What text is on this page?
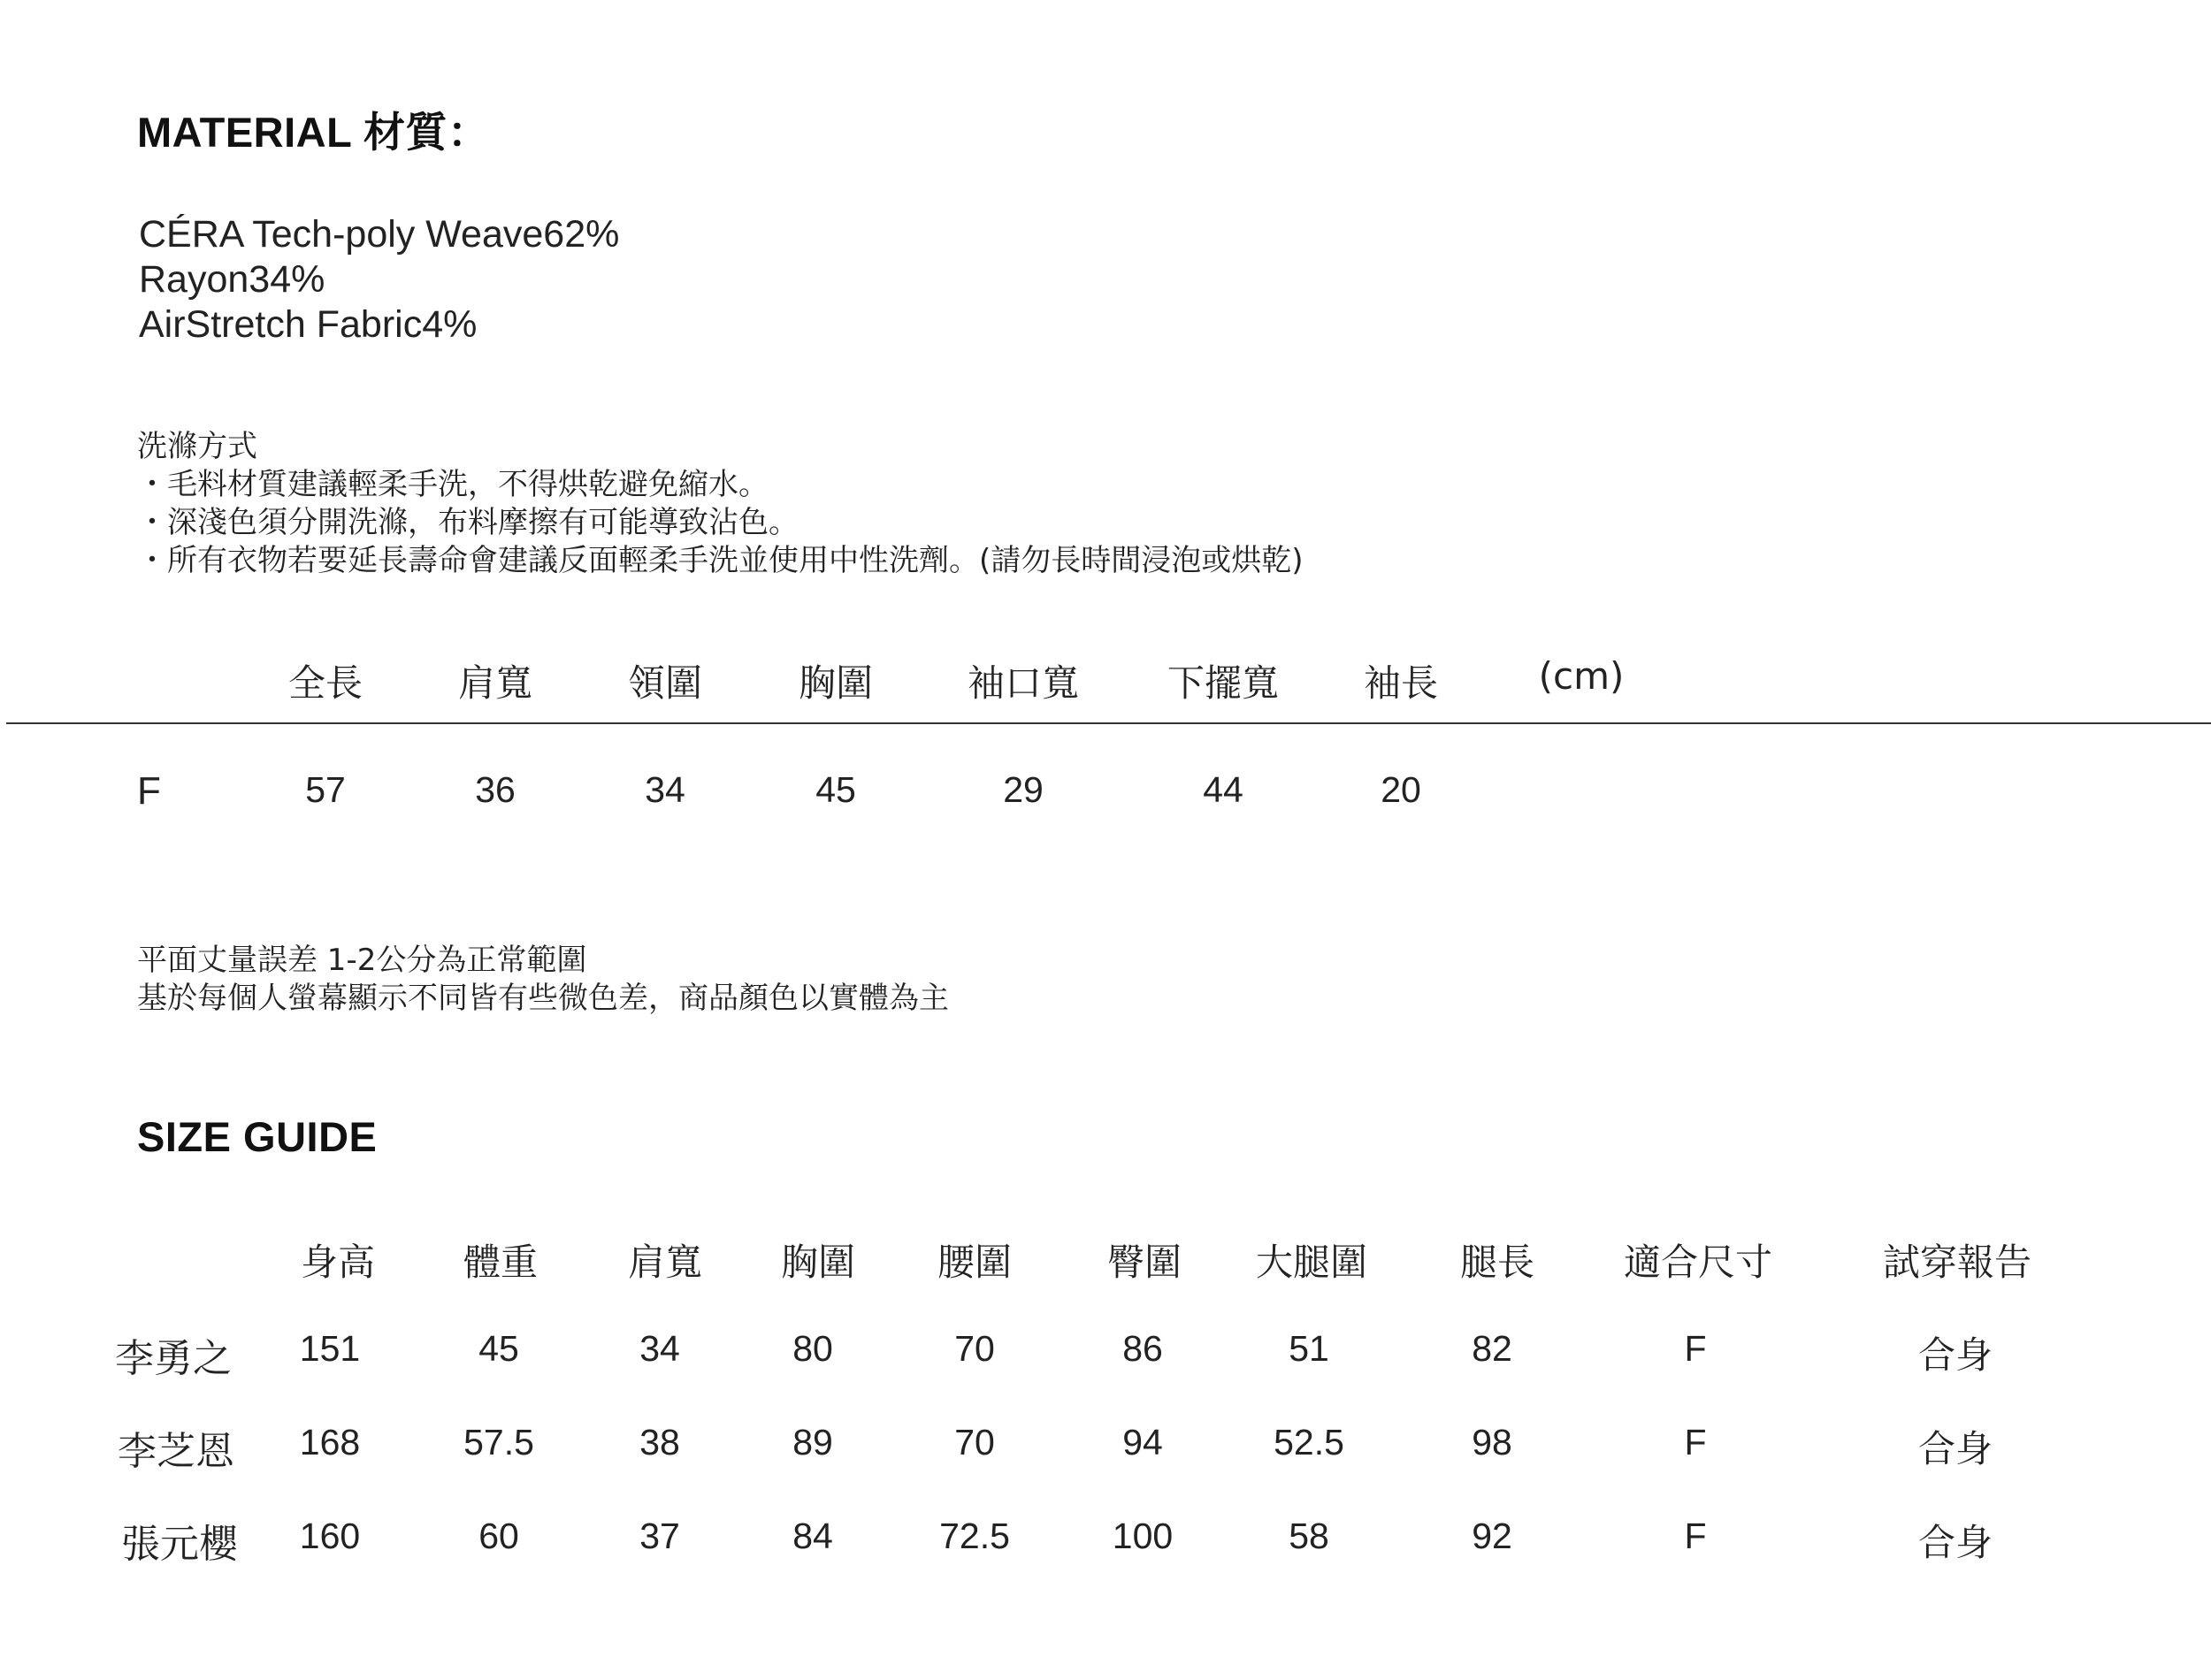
MATERIAL 材質：
CÉRA Tech-poly Weave62%
Rayon34%
AirStretch Fabric4%
洗滌方式
・毛料材質建議輕柔手洗，不得烘乾避免縮水。
・深淺色須分開洗滌，布料摩擦有可能導致沾色。
・所有衣物若要延長壽命會建議反面輕柔手洗並使用中性洗劑。(請勿長時間浸泡或烘乾)
全長	肩寬	領圍	胸圍	袖口寬 下擺寬 袖長	(cm)
F	57	36	34	45	29	44	20
平面丈量誤差 1-2公分為正常範圍
基於每個人螢幕顯示不同皆有些微色差，商品顏色以實體為主
SIZE GUIDE
身高 體重 肩寬 胸圍 腰圍	臀圍 大腿圍 腿長 適合尺寸	試穿報告
李勇之 151	45	34	80	70	86	51	82	F	合身
李芝恩 168	57.5	38	89	70	94	52.5	98	F	合身
張元櫻 160	60	37	84	72.5	100	58	92	F	合身
